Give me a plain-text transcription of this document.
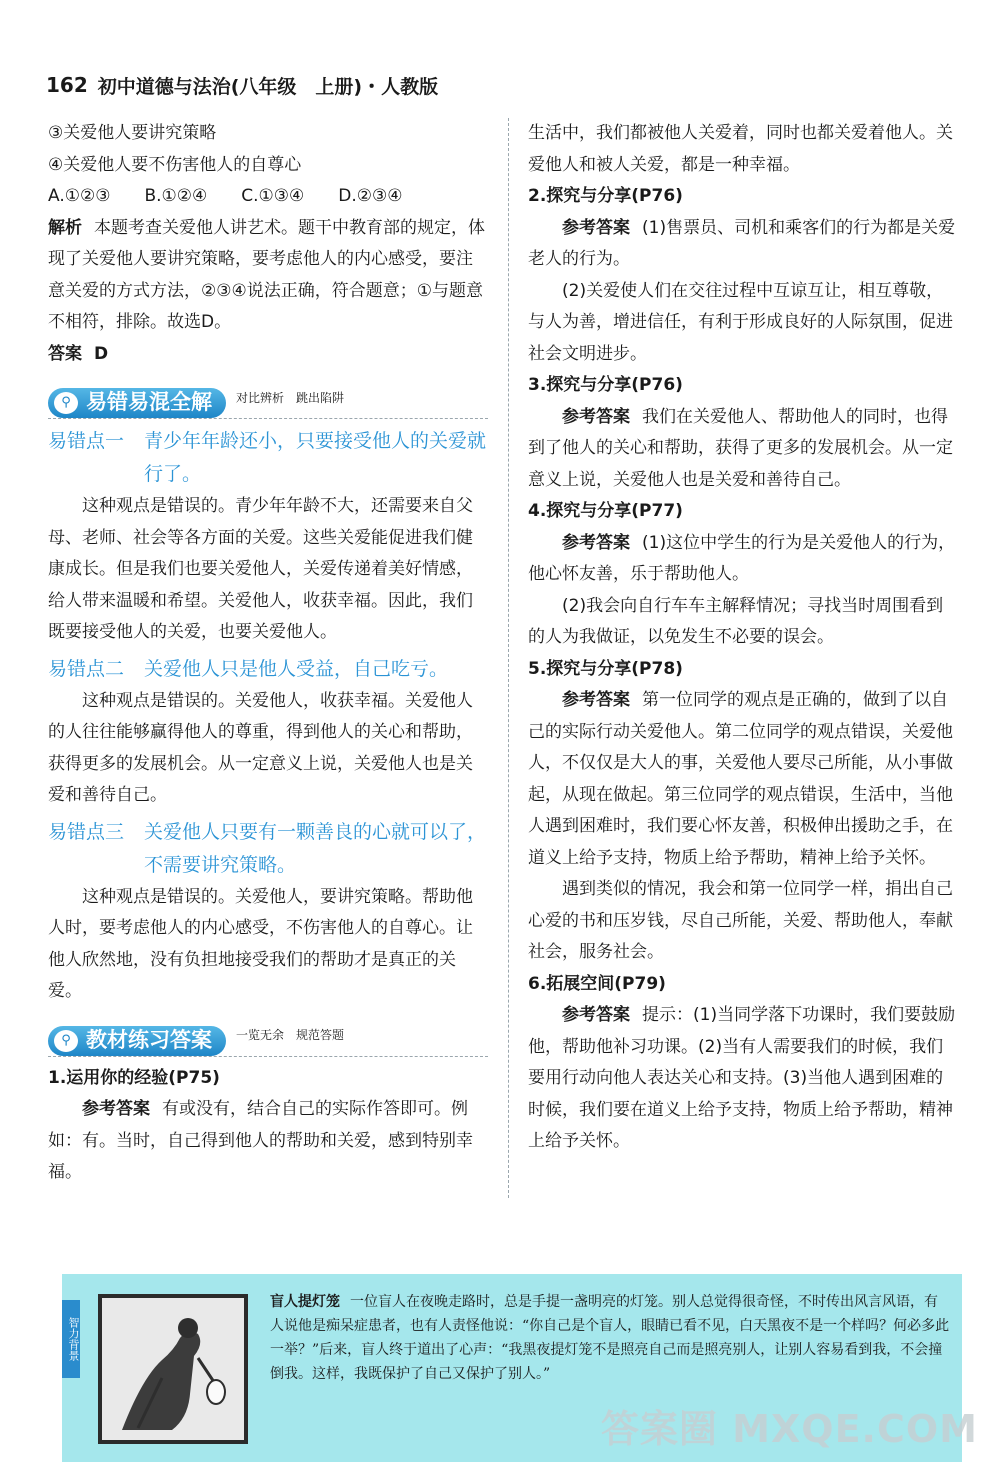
162 初中道德与法治(八年级　上册)・人教版

③关爱他人要讲究策略

④关爱他人要不伤害他人的自尊心

A.①②③　　B.①②④　　C.①③④　　D.②③④

解析 本题考查关爱他人讲艺术。题干中教育部的规定，体现了关爱他人要讲究策略，要考虑他人的内心感受，要注意关爱的方式方法，②③④说法正确，符合题意；①与题意不相符，排除。故选D。

答案 D

⚲ 易错易混全解 对比辨析　跳出陷阱
易错点一	青少年年龄还小，只要接受他人的关爱就行了。

这种观点是错误的。青少年年龄不大，还需要来自父母、老师、社会等各方面的关爱。这些关爱能促进我们健康成长。但是我们也要关爱他人，关爱传递着美好情感，给人带来温暖和希望。关爱他人，收获幸福。因此，我们既要接受他人的关爱，也要关爱他人。

易错点二	关爱他人只是他人受益，自己吃亏。

这种观点是错误的。关爱他人，收获幸福。关爱他人的人往往能够赢得他人的尊重，得到他人的关心和帮助，获得更多的发展机会。从一定意义上说，关爱他人也是关爱和善待自己。

易错点三	关爱他人只要有一颗善良的心就可以了，不需要讲究策略。

这种观点是错误的。关爱他人，要讲究策略。帮助他人时，要考虑他人的内心感受，不伤害他人的自尊心。让他人欣然地，没有负担地接受我们的帮助才是真正的关爱。

⚲ 教材练习答案 一览无余　规范答题

1.运用你的经验(P75)

参考答案 有或没有，结合自己的实际作答即可。例如：有。当时，自己得到他人的帮助和关爱，感到特别幸福。

生活中，我们都被他人关爱着，同时也都关爱着他人。关爱他人和被人关爱，都是一种幸福。

2.探究与分享(P76)

参考答案 (1)售票员、司机和乘客们的行为都是关爱老人的行为。

(2)关爱使人们在交往过程中互谅互让，相互尊敬，与人为善，增进信任，有利于形成良好的人际氛围，促进社会文明进步。

3.探究与分享(P76)

参考答案 我们在关爱他人、帮助他人的同时，也得到了他人的关心和帮助，获得了更多的发展机会。从一定意义上说，关爱他人也是关爱和善待自己。

4.探究与分享(P77)

参考答案 (1)这位中学生的行为是关爱他人的行为，他心怀友善，乐于帮助他人。

(2)我会向自行车车主解释情况；寻找当时周围看到的人为我做证，以免发生不必要的误会。

5.探究与分享(P78)

参考答案 第一位同学的观点是正确的，做到了以自己的实际行动关爱他人。第二位同学的观点错误，关爱他人，不仅仅是大人的事，关爱他人要尽己所能，从小事做起，从现在做起。第三位同学的观点错误，生活中，当他人遇到困难时，我们要心怀友善，积极伸出援助之手，在道义上给予支持，物质上给予帮助，精神上给予关怀。

遇到类似的情况，我会和第一位同学一样，捐出自己心爱的书和压岁钱，尽自己所能，关爱、帮助他人，奉献社会，服务社会。

6.拓展空间(P79)

参考答案 提示：(1)当同学落下功课时，我们要鼓励他，帮助他补习功课。(2)当有人需要我们的时候，我们要用行动向他人表达关心和支持。(3)当他人遇到困难的时候，我们要在道义上给予支持，物质上给予帮助，精神上给予关怀。

智力背景
盲人提灯笼 一位盲人在夜晚走路时，总是手提一盏明亮的灯笼。别人总觉得很奇怪，不时传出风言风语，有人说他是痴呆症患者，也有人责怪他说：“你自己是个盲人，眼睛已看不见，白天黑夜不是一个样吗？何必多此一举？”后来，盲人终于道出了心声：“我黑夜提灯笼不是照亮自己而是照亮别人，让别人容易看到我，不会撞倒我。这样，我既保护了自己又保护了别人。”
答案圈 MXQE.COM
